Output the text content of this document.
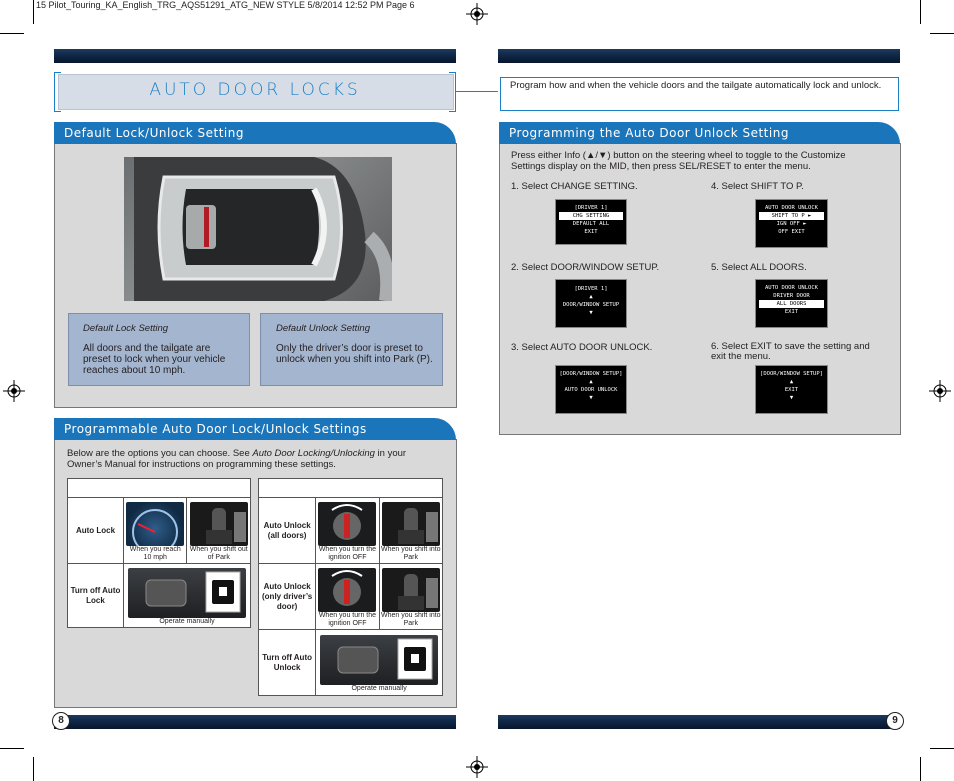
15 Pilot_Touring_KA_English_TRG_AQS51291_ATG_NEW STYLE 5/8/2014 12:52 PM Page 6
AUTO DOOR LOCKS	Program how and when the vehicle doors and the tailgate automatically lock and unlock.
Default Lock/Unlock Setting
Default Lock Setting
All doors and the tailgate are preset to lock when your vehicle reaches about 10 mph.
Default Unlock Setting
Only the driver’s door is preset to unlock when you shift into Park (P).
Programmable Auto Door Lock/Unlock Settings
Below are the options you can choose. See Auto Door Locking/Unlocking in your Owner’s Manual for instructions on programming these settings.
AUTO DOOR LOCK		
Auto Lock	When you reach 10 mph	When you shift out of Park

Turn off Auto Lock	Operate manually	
AUTO DOOR UNLOCK		
Auto Unlock (all doors)	When you turn the ignition OFF	When you shift into Park

Auto Unlock (only driver’s door)	When you turn the ignition OFF	When you shift into Park

Turn off Auto Unlock	Operate manually	
Programming the Auto Door Unlock Setting
Press either Info (▲/▼) button on the steering wheel to toggle to the Customize Settings display on the MID, then press SEL/RESET to enter the menu.
1. Select CHANGE SETTING.
[DRIVER 1]
CHG SETTING
DEFAULT ALL
EXIT
2. Select DOOR/WINDOW SETUP.
[DRIVER 1]
▲
DOOR/WINDOW SETUP
▼
3. Select AUTO DOOR UNLOCK.
[DOOR/WINDOW SETUP]
▲
AUTO DOOR UNLOCK
▼
4. Select SHIFT TO P.
AUTO DOOR UNLOCK
SHIFT TO P ►
IGN OFF ►
OFF EXIT
5. Select ALL DOORS.
AUTO DOOR UNLOCK
DRIVER DOOR
ALL DOORS
EXIT
6. Select EXIT to save the setting and exit the menu.
[DOOR/WINDOW SETUP]
▲
EXIT
▼
8	9
